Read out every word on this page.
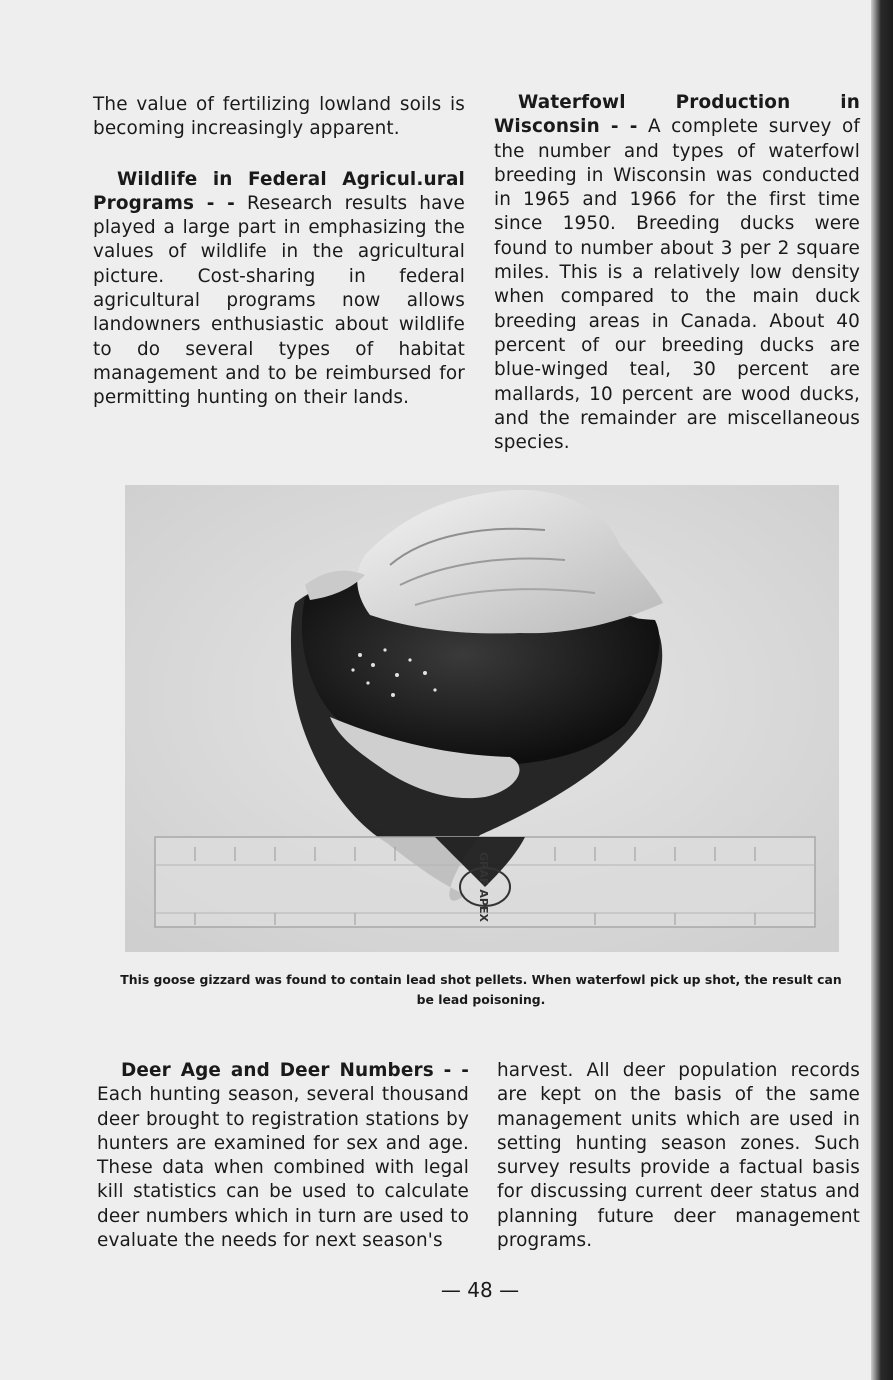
The value of fertilizing lowland soils is becoming increasingly apparent.

Wildlife in Federal Agricul.ural Programs - - Research results have played a large part in emphasizing the values of wildlife in the agricultural picture. Cost-sharing in federal agricultural programs now allows landowners enthusiastic about wildlife to do several types of habitat management and to be reimbursed for permitting hunting on their lands.

Waterfowl Production in Wisconsin - - A complete survey of the number and types of waterfowl breeding in Wisconsin was conducted in 1965 and 1966 for the first time since 1950. Breeding ducks were found to number about 3 per 2 square miles. This is a relatively low density when compared to the main duck breeding areas in Canada. About 40 percent of our breeding ducks are blue-winged teal, 30 percent are mallards, 10 percent are wood ducks, and the remainder are miscellaneous species.

GRAF APEX
This goose gizzard was found to contain lead shot pellets. When waterfowl pick up shot, the result can be lead poisoning.

Deer Age and Deer Numbers - - Each hunting season, several thousand deer brought to registration stations by hunters are examined for sex and age. These data when combined with legal kill statistics can be used to calculate deer numbers which in turn are used to evaluate the needs for next season's

harvest. All deer population records are kept on the basis of the same management units which are used in setting hunting season zones. Such survey results provide a factual basis for discussing current deer status and planning future deer management programs.

— 48 —
